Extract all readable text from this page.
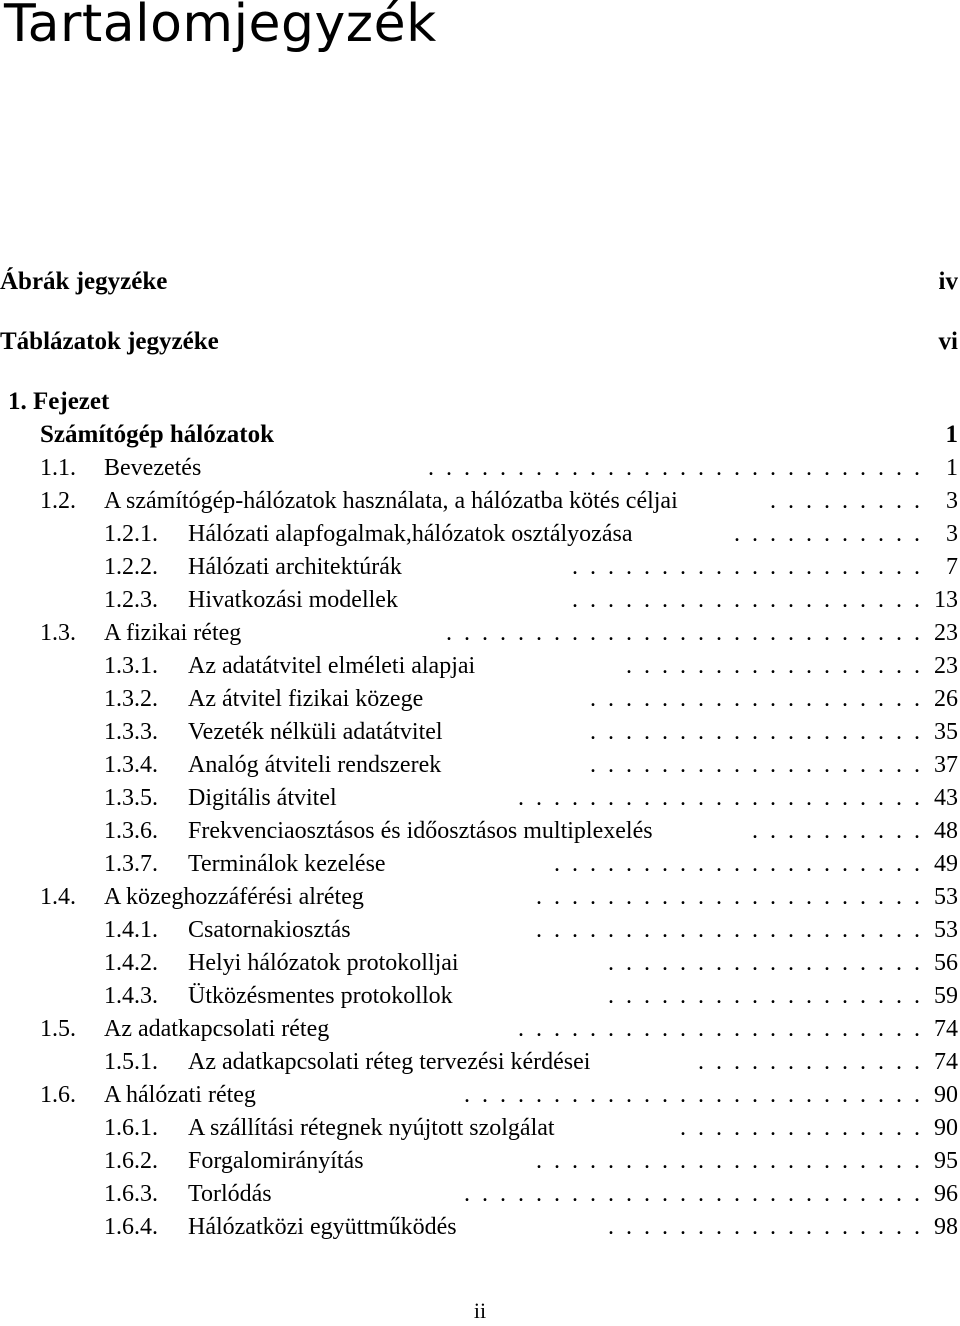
Tartalomjegyzék
Ábrák jegyzéke	iv
Táblázatok jegyzéke	vi
1. Fejezet
Számítógép hálózatok	1
1.1. Bevezetés	. . . . . . . . . . . . . . . . . . . . . . . . . . . . 1
1.2. A számítógép-hálózatok használata, a hálózatba kötés céljai	. . . . . . . . . 3
1.2.1. Hálózati alapfogalmak,hálózatok osztályozása	. . . . . . . . . . . 3
1.2.2. Hálózati architektúrák	. . . . . . . . . . . . . . . . . . . . 7
1.2.3. Hivatkozási modellek	. . . . . . . . . . . . . . . . . . . . 13
1.3. A fizikai réteg	. . . . . . . . . . . . . . . . . . . . . . . . . . . 23
1.3.1. Az adatátvitel elméleti alapjai	. . . . . . . . . . . . . . . . . 23
1.3.2. Az átvitel fizikai közege	. . . . . . . . . . . . . . . . . . . 26
1.3.3. Vezeték nélküli adatátvitel	. . . . . . . . . . . . . . . . . . . 35
1.3.4. Analóg átviteli rendszerek	. . . . . . . . . . . . . . . . . . . 37
1.3.5. Digitális átvitel	. . . . . . . . . . . . . . . . . . . . . . . 43
1.3.6. Frekvenciaosztásos és időosztásos multiplexelés	. . . . . . . . . . 48
1.3.7. Terminálok kezelése	. . . . . . . . . . . . . . . . . . . . . 49
1.4. A közeghozzáférési alréteg	. . . . . . . . . . . . . . . . . . . . . . 53
1.4.1. Csatornakiosztás	. . . . . . . . . . . . . . . . . . . . . . 53
1.4.2. Helyi hálózatok protokolljai	. . . . . . . . . . . . . . . . . . 56
1.4.3. Ütközésmentes protokollok	. . . . . . . . . . . . . . . . . . 59
1.5. Az adatkapcsolati réteg	. . . . . . . . . . . . . . . . . . . . . . . 74
1.5.1. Az adatkapcsolati réteg tervezési kérdései	. . . . . . . . . . . . . 74
1.6. A hálózati réteg	. . . . . . . . . . . . . . . . . . . . . . . . . . 90
1.6.1. A szállítási rétegnek nyújtott szolgálat	. . . . . . . . . . . . . . 90
1.6.2. Forgalomirányítás	. . . . . . . . . . . . . . . . . . . . . . 95
1.6.3. Torlódás	. . . . . . . . . . . . . . . . . . . . . . . . . . 96
1.6.4. Hálózatközi együttműködés	. . . . . . . . . . . . . . . . . . 98
ii
